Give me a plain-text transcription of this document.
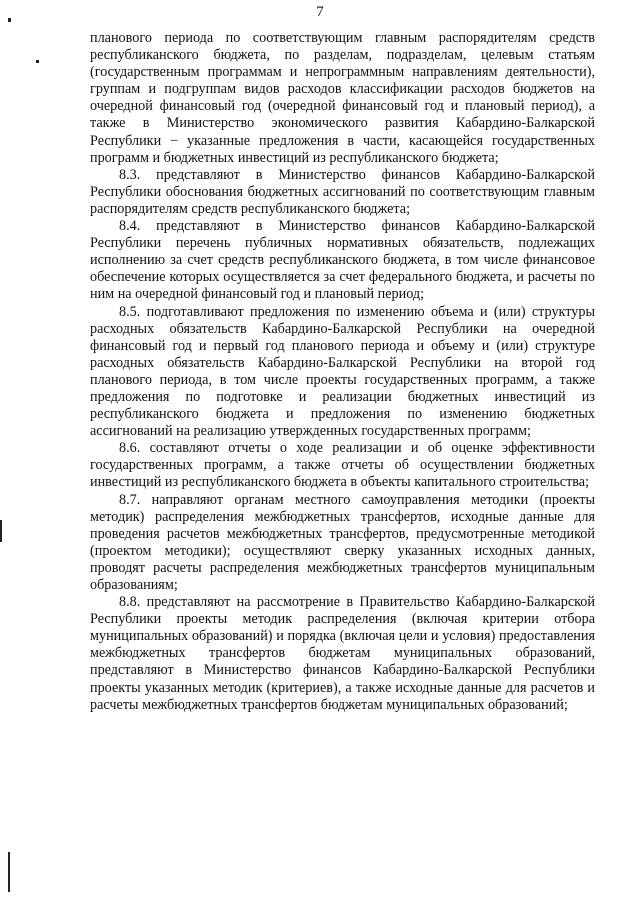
7

планового периода по соответствующим главным распорядителям средств республиканского бюджета, по разделам, подразделам, целевым статьям (государственным программам и непрограммным направлениям деятельности), группам и подгруппам видов расходов классификации расходов бюджетов на очередной финансовый год (очередной финансовый год и плановый период), а также в Министерство экономического развития Кабардино-Балкарской Республики − указанные предложения в части, касающейся государственных программ и бюджетных инвестиций из республиканского бюджета;

8.3. представляют в Министерство финансов Кабардино-Балкарской Республики обоснования бюджетных ассигнований по соответствующим главным распорядителям средств республиканского бюджета;

8.4. представляют в Министерство финансов Кабардино-Балкарской Республики перечень публичных нормативных обязательств, подлежащих исполнению за счет средств республиканского бюджета, в том числе финансовое обеспечение которых осуществляется за счет федерального бюджета, и расчеты по ним на очередной финансовый год и плановый период;

8.5. подготавливают предложения по изменению объема и (или) структуры расходных обязательств Кабардино-Балкарской Республики на очередной финансовый год и первый год планового периода и объему и (или) структуре расходных обязательств Кабардино-Балкарской Республики на второй год планового периода, в том числе проекты государственных программ, а также предложения по подготовке и реализации бюджетных инвестиций из республиканского бюджета и предложения по изменению бюджетных ассигнований на реализацию утвержденных государственных программ;

8.6. составляют отчеты о ходе реализации и об оценке эффективности государственных программ, а также отчеты об осуществлении бюджетных инвестиций из республиканского бюджета в объекты капитального строительства;

8.7. направляют органам местного самоуправления методики (проекты методик) распределения межбюджетных трансфертов, исходные данные для проведения расчетов межбюджетных трансфертов, предусмотренные методикой (проектом методики); осуществляют сверку указанных исходных данных, проводят расчеты распределения межбюджетных трансфертов муниципальным образованиям;

8.8. представляют на рассмотрение в Правительство Кабардино-Балкарской Республики проекты методик распределения (включая критерии отбора муниципальных образований) и порядка (включая цели и условия) предоставления межбюджетных трансфертов бюджетам муниципальных образований, представляют в Министерство финансов Кабардино-Балкарской Республики проекты указанных методик (критериев), а также исходные данные для расчетов и расчеты межбюджетных трансфертов бюджетам муниципальных образований;
